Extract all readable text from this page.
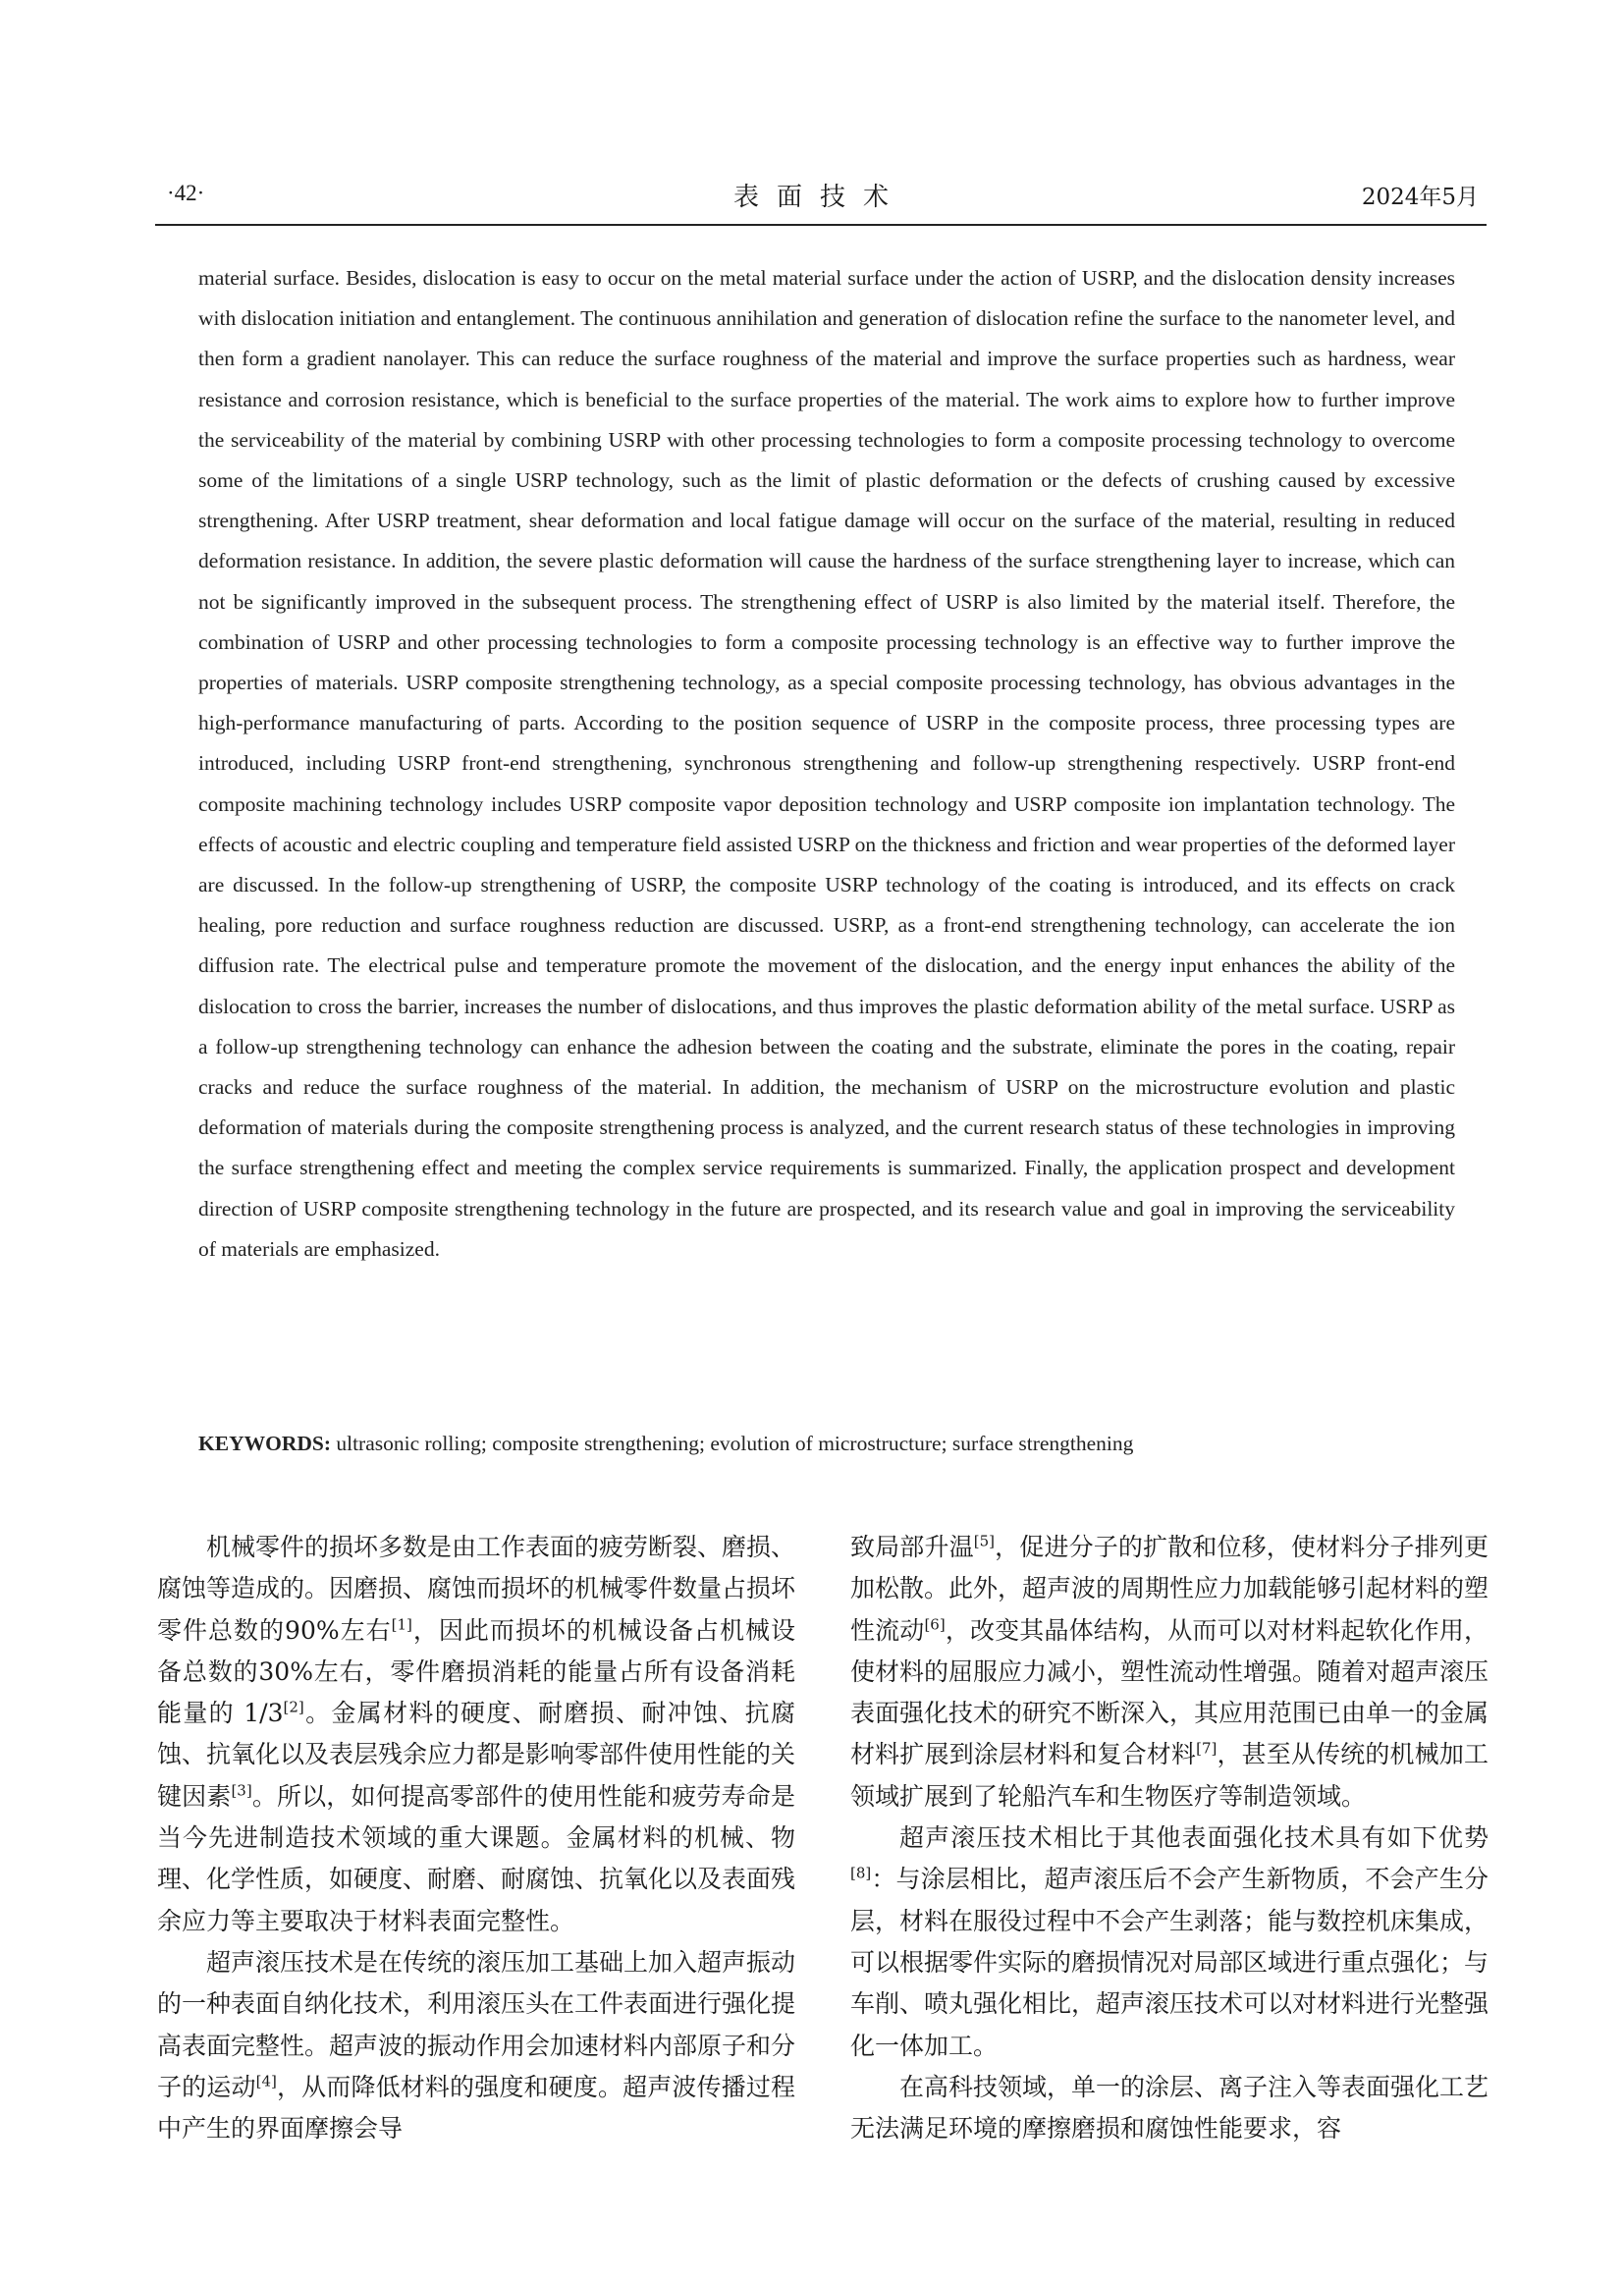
·42·	表面技术	2024年5月
material surface. Besides, dislocation is easy to occur on the metal material surface under the action of USRP, and the dislocation density increases with dislocation initiation and entanglement. The continuous annihilation and generation of dislocation refine the surface to the nanometer level, and then form a gradient nanolayer. This can reduce the surface roughness of the material and improve the surface properties such as hardness, wear resistance and corrosion resistance, which is beneficial to the surface properties of the material. The work aims to explore how to further improve the serviceability of the material by combining USRP with other processing technologies to form a composite processing technology to overcome some of the limitations of a single USRP technology, such as the limit of plastic deformation or the defects of crushing caused by excessive strengthening. After USRP treatment, shear deformation and local fatigue damage will occur on the surface of the material, resulting in reduced deformation resistance. In addition, the severe plastic deformation will cause the hardness of the surface strengthening layer to increase, which can not be significantly improved in the subsequent process. The strengthening effect of USRP is also limited by the material itself. Therefore, the combination of USRP and other processing technologies to form a composite processing technology is an effective way to further improve the properties of materials. USRP composite strengthening technology, as a special composite processing technology, has obvious advantages in the high-performance manufacturing of parts. According to the position sequence of USRP in the composite process, three processing types are introduced, including USRP front-end strengthening, synchronous strengthening and follow-up strengthening respectively. USRP front-end composite machining technology includes USRP composite vapor deposition technology and USRP composite ion implantation technology. The effects of acoustic and electric coupling and temperature field assisted USRP on the thickness and friction and wear properties of the deformed layer are discussed. In the follow-up strengthening of USRP, the composite USRP technology of the coating is introduced, and its effects on crack healing, pore reduction and surface roughness reduction are discussed. USRP, as a front-end strengthening technology, can accelerate the ion diffusion rate. The electrical pulse and temperature promote the movement of the dislocation, and the energy input enhances the ability of the dislocation to cross the barrier, increases the number of dislocations, and thus improves the plastic deformation ability of the metal surface. USRP as a follow-up strengthening technology can enhance the adhesion between the coating and the substrate, eliminate the pores in the coating, repair cracks and reduce the surface roughness of the material. In addition, the mechanism of USRP on the microstructure evolution and plastic deformation of materials during the composite strengthening process is analyzed, and the current research status of these technologies in improving the surface strengthening effect and meeting the complex service requirements is summarized. Finally, the application prospect and development direction of USRP composite strengthening technology in the future are prospected, and its research value and goal in improving the serviceability of materials are emphasized.
KEYWORDS: ultrasonic rolling; composite strengthening; evolution of microstructure; surface strengthening

机械零件的损坏多数是由工作表面的疲劳断裂、磨损、腐蚀等造成的。因磨损、腐蚀而损坏的机械零件数量占损坏零件总数的90%左右[1]，因此而损坏的机械设备占机械设备总数的30%左右，零件磨损消耗的能量占所有设备消耗能量的 1/3[2]。金属材料的硬度、耐磨损、耐冲蚀、抗腐蚀、抗氧化以及表层残余应力都是影响零部件使用性能的关键因素[3]。所以，如何提高零部件的使用性能和疲劳寿命是当今先进制造技术领域的重大课题。金属材料的机械、物理、化学性质，如硬度、耐磨、耐腐蚀、抗氧化以及表面残余应力等主要取决于材料表面完整性。

超声滚压技术是在传统的滚压加工基础上加入超声振动的一种表面自纳化技术，利用滚压头在工件表面进行强化提高表面完整性。超声波的振动作用会加速材料内部原子和分子的运动[4]，从而降低材料的强度和硬度。超声波传播过程中产生的界面摩擦会导

致局部升温[5]，促进分子的扩散和位移，使材料分子排列更加松散。此外，超声波的周期性应力加载能够引起材料的塑性流动[6]，改变其晶体结构，从而可以对材料起软化作用，使材料的屈服应力减小，塑性流动性增强。随着对超声滚压表面强化技术的研究不断深入，其应用范围已由单一的金属材料扩展到涂层材料和复合材料[7]，甚至从传统的机械加工领域扩展到了轮船汽车和生物医疗等制造领域。

超声滚压技术相比于其他表面强化技术具有如下优势[8]：与涂层相比，超声滚压后不会产生新物质，不会产生分层，材料在服役过程中不会产生剥落；能与数控机床集成，可以根据零件实际的磨损情况对局部区域进行重点强化；与车削、喷丸强化相比，超声滚压技术可以对材料进行光整强化一体加工。

在高科技领域，单一的涂层、离子注入等表面强化工艺无法满足环境的摩擦磨损和腐蚀性能要求，容
